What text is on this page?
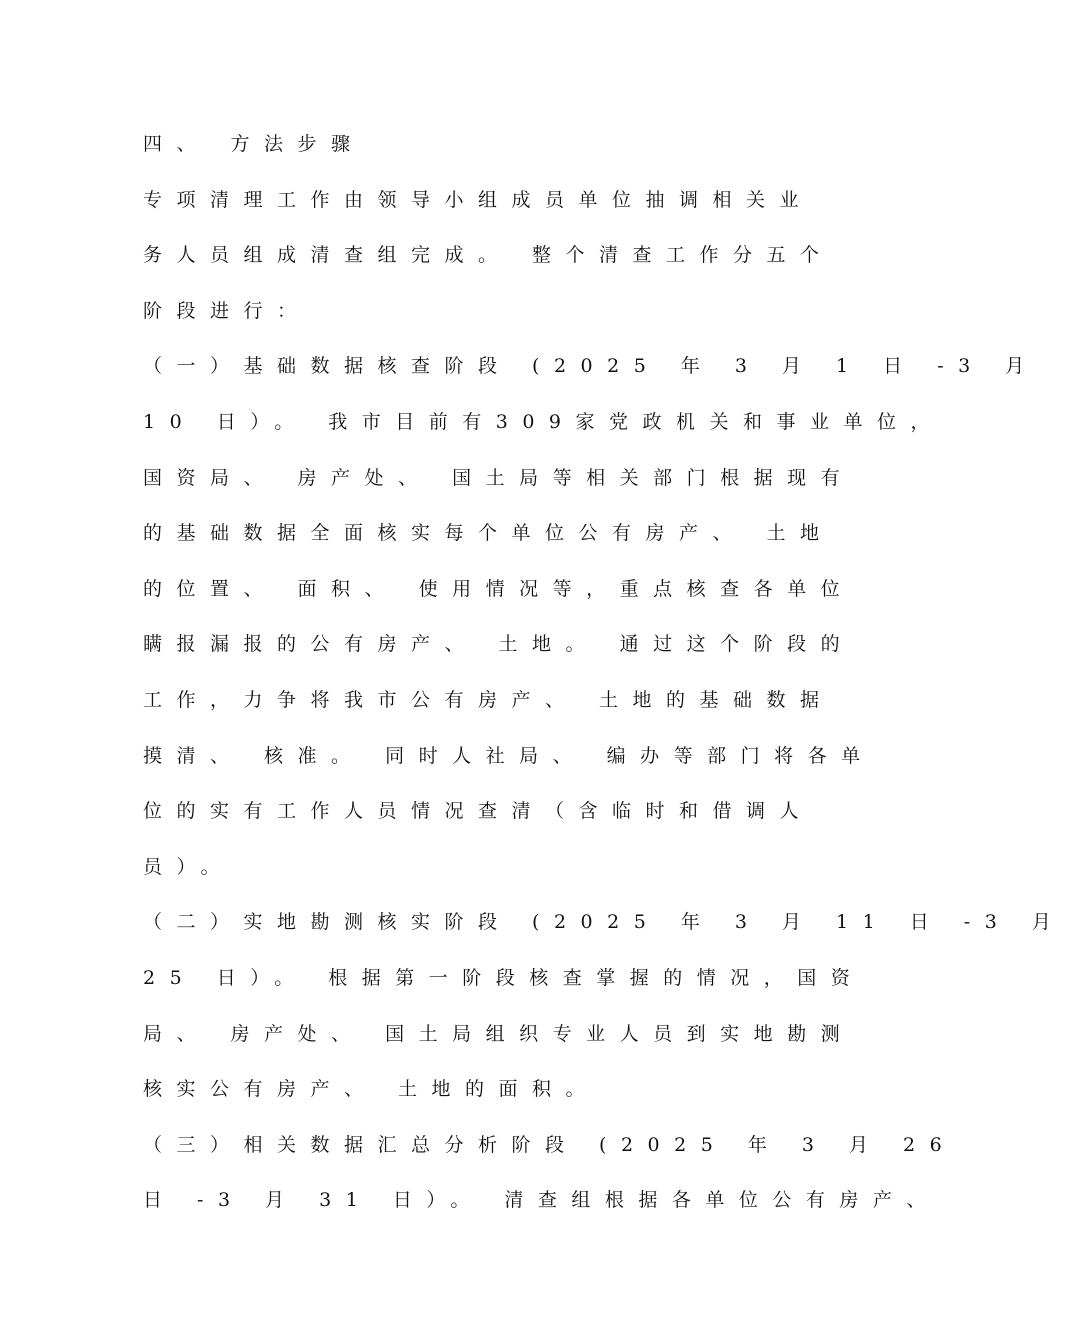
四、 方法步骤
专项清理工作由领导小组成员单位抽调相关业
务人员组成清查组完成。 整个清查工作分五个
阶段进行：
（一）基础数据核查阶段 (2025 年 3 月 1 日 -3 月
10 日）。 我市目前有309家党政机关和事业单位，
国资局、 房产处、 国土局等相关部门根据现有
的基础数据全面核实每个单位公有房产、 土地
的位置、 面积、 使用情况等，重点核查各单位
瞒报漏报的公有房产、 土地。 通过这个阶段的
工作，力争将我市公有房产、 土地的基础数据
摸清、 核准。 同时人社局、 编办等部门将各单
位的实有工作人员情况查清（含临时和借调人
员）。
（二）实地勘测核实阶段 (2025 年 3 月 11 日 -3 月
25 日）。 根据第一阶段核查掌握的情况，国资
局、 房产处、 国土局组织专业人员到实地勘测
核实公有房产、 土地的面积。
（三）相关数据汇总分析阶段 (2025 年 3 月 26
日 -3 月 31 日）。 清查组根据各单位公有房产、
